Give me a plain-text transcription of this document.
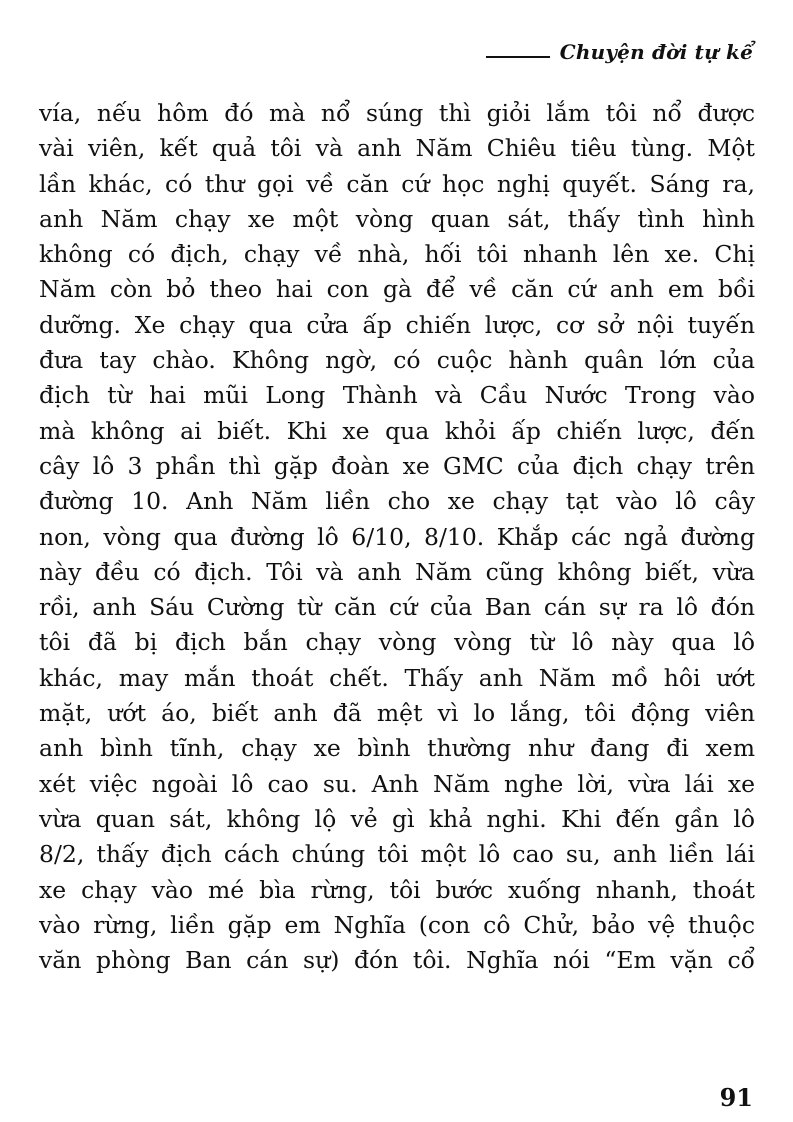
Chuyện đời tự kể
vía, nếu hôm đó mà nổ súng thì giỏi lắm tôi nổ được
vài viên, kết quả tôi và anh Năm Chiêu tiêu tùng. Một
lần khác, có thư gọi về căn cứ học nghị quyết. Sáng ra,
anh Năm chạy xe một vòng quan sát, thấy tình hình
không có địch, chạy về nhà, hối tôi nhanh lên xe. Chị
Năm còn bỏ theo hai con gà để về căn cứ anh em bồi
dưỡng. Xe chạy qua cửa ấp chiến lược, cơ sở nội tuyến
đưa tay chào. Không ngờ, có cuộc hành quân lớn của
địch từ hai mũi Long Thành và Cầu Nước Trong vào
mà không ai biết. Khi xe qua khỏi ấp chiến lược, đến
cây lô 3 phần thì gặp đoàn xe GMC của địch chạy trên
đường 10. Anh Năm liền cho xe chạy tạt vào lô cây
non, vòng qua đường lô 6/10, 8/10. Khắp các ngả đường
này đều có địch. Tôi và anh Năm cũng không biết, vừa
rồi, anh Sáu Cường từ căn cứ của Ban cán sự ra lô đón
tôi đã bị địch bắn chạy vòng vòng từ lô này qua lô
khác, may mắn thoát chết. Thấy anh Năm mồ hôi ướt
mặt, ướt áo, biết anh đã mệt vì lo lắng, tôi động viên
anh bình tĩnh, chạy xe bình thường như đang đi xem
xét việc ngoài lô cao su. Anh Năm nghe lời, vừa lái xe
vừa quan sát, không lộ vẻ gì khả nghi. Khi đến gần lô
8/2, thấy địch cách chúng tôi một lô cao su, anh liền lái
xe chạy vào mé bìa rừng, tôi bước xuống nhanh, thoát
vào rừng, liền gặp em Nghĩa (con cô Chử, bảo vệ thuộc
văn phòng Ban cán sự) đón tôi. Nghĩa nói “Em vặn cổ
91
